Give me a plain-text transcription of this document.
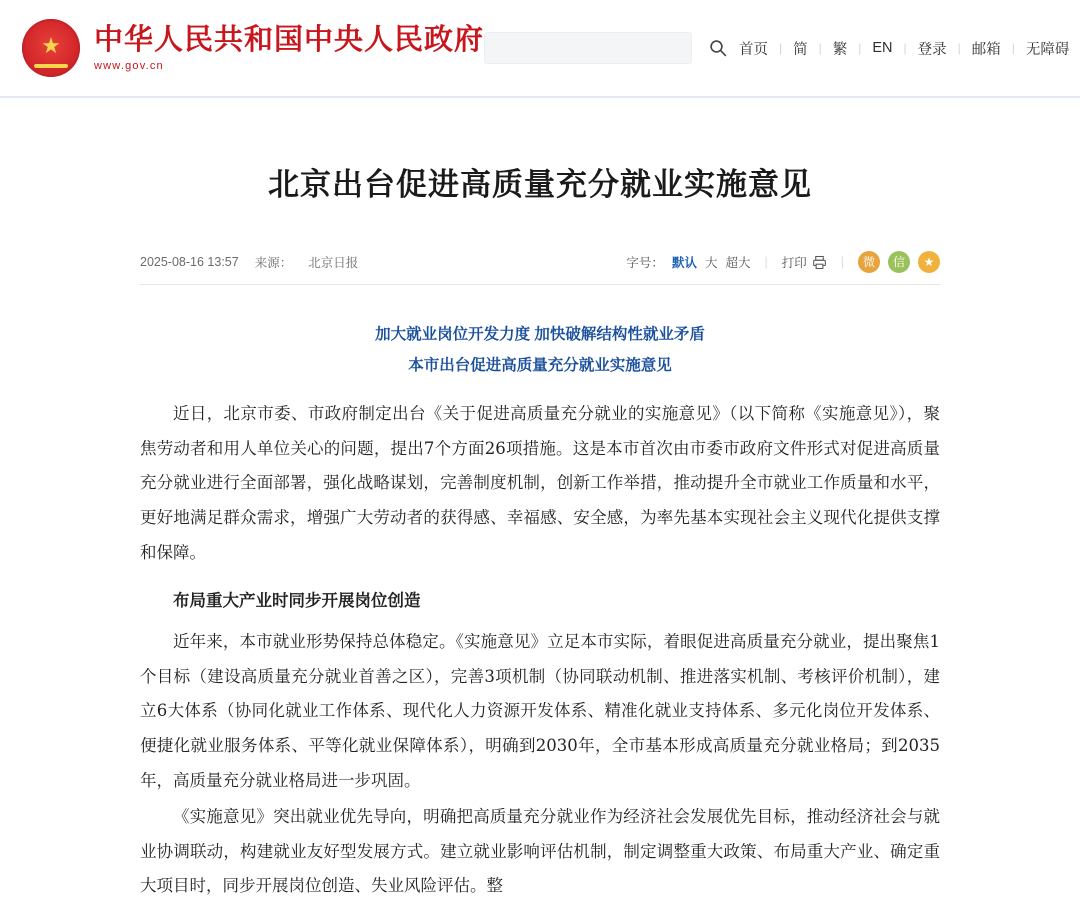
★
中华人民共和国中央人民政府
www.gov.cn
首页 | 简 | 繁 | EN | 登录 | 邮箱 | 无障碍
北京出台促进高质量充分就业实施意见
2025-08-16 13:57 来源： 北京日报	字号： 默认 大 超大 | 打印	|	微	信	★
加大就业岗位开发力度 加快破解结构性就业矛盾
本市出台促进高质量充分就业实施意见

近日，北京市委、市政府制定出台《关于促进高质量充分就业的实施意见》（以下简称《实施意见》），聚焦劳动者和用人单位关心的问题，提出7个方面26项措施。这是本市首次由市委市政府文件形式对促进高质量充分就业进行全面部署，强化战略谋划，完善制度机制，创新工作举措，推动提升全市就业工作质量和水平，更好地满足群众需求，增强广大劳动者的获得感、幸福感、安全感，为率先基本实现社会主义现代化提供支撑和保障。

布局重大产业时同步开展岗位创造

近年来，本市就业形势保持总体稳定。《实施意见》立足本市实际，着眼促进高质量充分就业，提出聚焦1个目标（建设高质量充分就业首善之区），完善3项机制（协同联动机制、推进落实机制、考核评价机制），建立6大体系（协同化就业工作体系、现代化人力资源开发体系、精准化就业支持体系、多元化岗位开发体系、便捷化就业服务体系、平等化就业保障体系），明确到2030年，全市基本形成高质量充分就业格局；到2035年，高质量充分就业格局进一步巩固。

《实施意见》突出就业优先导向，明确把高质量充分就业作为经济社会发展优先目标，推动经济社会与就业协调联动，构建就业友好型发展方式。建立就业影响评估机制，制定调整重大政策、布局重大产业、确定重大项目时，同步开展岗位创造、失业风险评估。整
